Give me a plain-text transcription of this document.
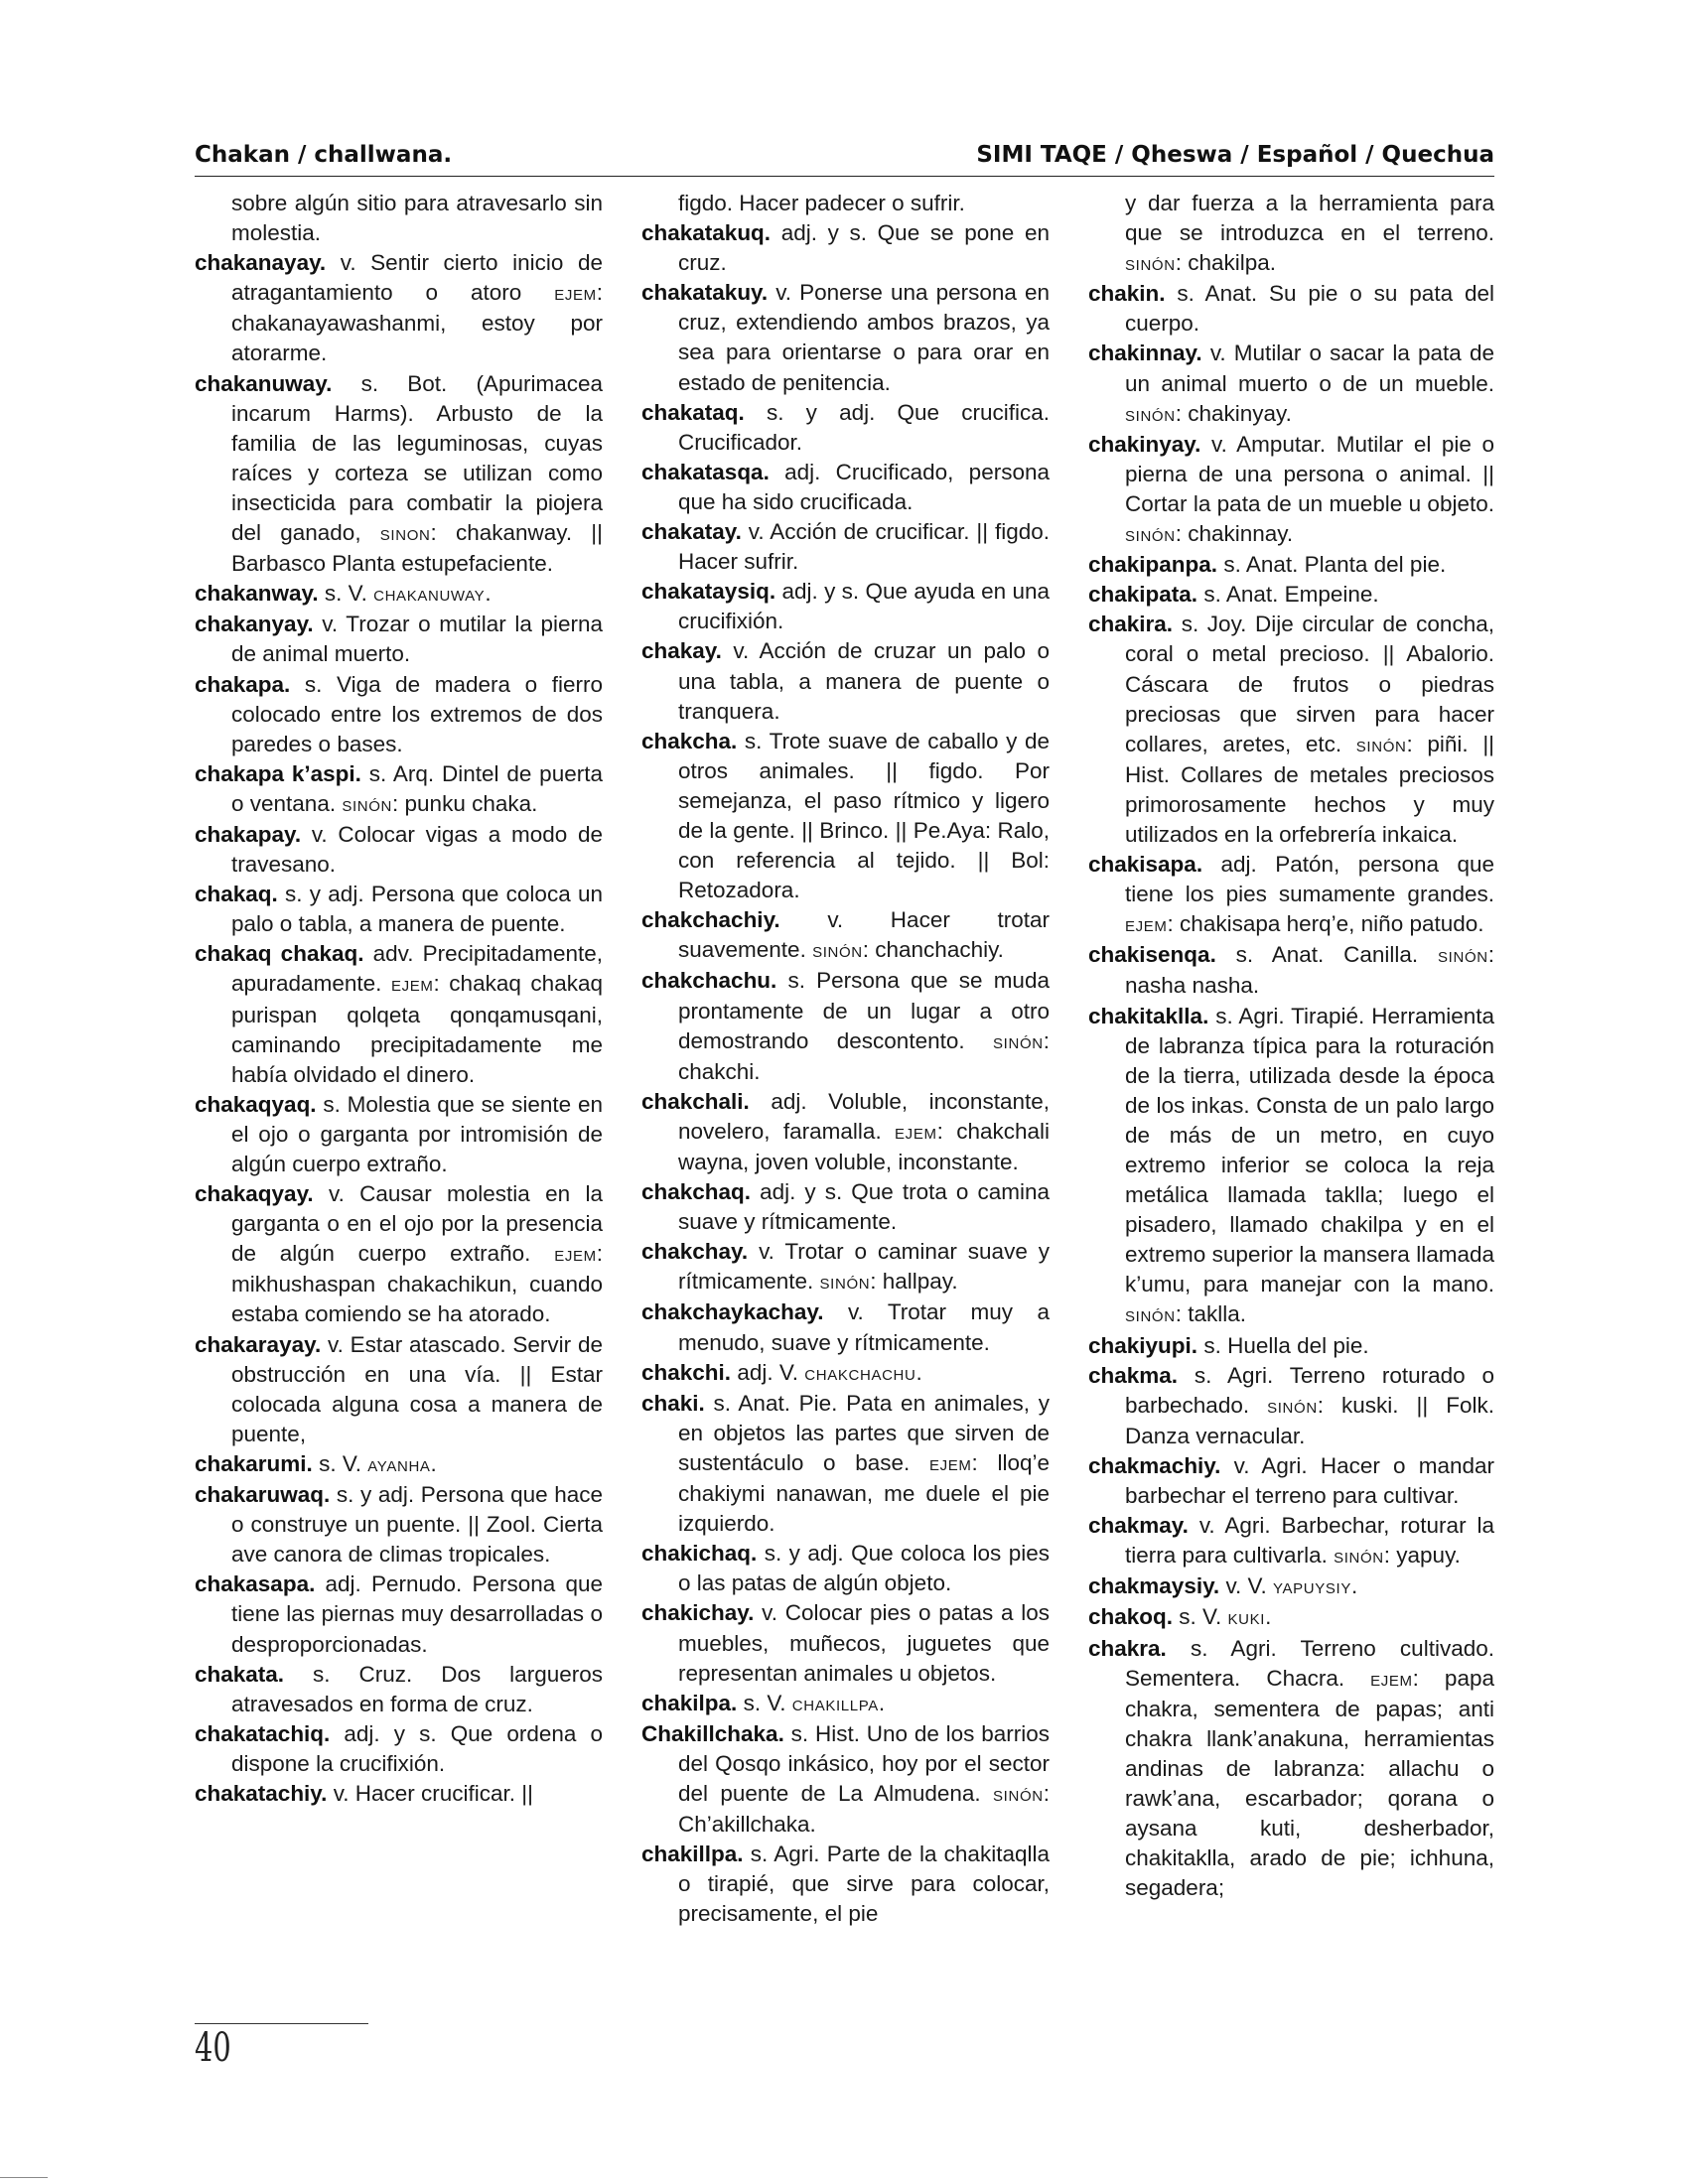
Chakan / challwana.	SIMI TAQE / Qheswa / Español / Quechua

sobre algún sitio para atravesarlo sin molestia.

chakanayay. v. Sentir cierto inicio de atragantamiento o atoro ejem: chakanayawashanmi, estoy por atorarme.

chakanuway. s. Bot. (Apurimacea incarum Harms). Arbusto de la familia de las leguminosas, cuyas raíces y corteza se utilizan como insecticida para combatir la piojera del ganado, sinon: chakanway. || Barbasco Planta estupefaciente.

chakanway. s. V. chakanuway.

chakanyay. v. Trozar o mutilar la pierna de animal muerto.

chakapa. s. Viga de madera o fierro colocado entre los extremos de dos paredes o bases.

chakapa k’aspi. s. Arq. Dintel de puerta o ventana. sinón: punku chaka.

chakapay. v. Colocar vigas a modo de travesano.

chakaq. s. y adj. Persona que coloca un palo o tabla, a manera de puente.

chakaq chakaq. adv. Precipitadamente, apuradamente. ejem: chakaq chakaq purispan qolqeta qonqamusqani, caminando precipitadamente me había olvidado el dinero.

chakaqyaq. s. Molestia que se siente en el ojo o garganta por intromisión de algún cuerpo extraño.

chakaqyay. v. Causar molestia en la garganta o en el ojo por la presencia de algún cuerpo extraño. ejem: mikhushaspan chakachikun, cuando estaba comiendo se ha atorado.

chakarayay. v. Estar atascado. Servir de obstrucción en una vía. || Estar colocada alguna cosa a manera de puente,

chakarumi. s. V. ayanha.

chakaruwaq. s. y adj. Persona que hace o construye un puente. || Zool. Cierta ave canora de climas tropicales.

chakasapa. adj. Pernudo. Persona que tiene las piernas muy desarrolladas o desproporcionadas.

chakata. s. Cruz. Dos largueros atravesados en forma de cruz.

chakatachiq. adj. y s. Que ordena o dispone la crucifixión.

chakatachiy. v. Hacer crucificar. ||

figdo. Hacer padecer o sufrir.

chakatakuq. adj. y s. Que se pone en cruz.

chakatakuy. v. Ponerse una persona en cruz, extendiendo ambos brazos, ya sea para orientarse o para orar en estado de penitencia.

chakataq. s. y adj. Que crucifica. Crucificador.

chakatasqa. adj. Crucificado, persona que ha sido crucificada.

chakatay. v. Acción de crucificar. || figdo. Hacer sufrir.

chakataysiq. adj. y s. Que ayuda en una crucifixión.

chakay. v. Acción de cruzar un palo o una tabla, a manera de puente o tranquera.

chakcha. s. Trote suave de caballo y de otros animales. || figdo. Por semejanza, el paso rítmico y ligero de la gente. || Brinco. || Pe.Aya: Ralo, con referencia al tejido. || Bol: Retozadora.

chakchachiy. v. Hacer trotar suavemente. sinón: chanchachiy.

chakchachu. s. Persona que se muda prontamente de un lugar a otro demostrando descontento. sinón: chakchi.

chakchali. adj. Voluble, inconstante, novelero, faramalla. ejem: chakchali wayna, joven voluble, inconstante.

chakchaq. adj. y s. Que trota o camina suave y rítmicamente.

chakchay. v. Trotar o caminar suave y rítmicamente. sinón: hallpay.

chakchaykachay. v. Trotar muy a menudo, suave y rítmicamente.

chakchi. adj. V. chakchachu.

chaki. s. Anat. Pie. Pata en animales, y en objetos las partes que sirven de sustentáculo o base. ejem: lloq’e chakiymi nanawan, me duele el pie izquierdo.

chakichaq. s. y adj. Que coloca los pies o las patas de algún objeto.

chakichay. v. Colocar pies o patas a los muebles, muñecos, juguetes que representan animales u objetos.

chakilpa. s. V. chakillpa.

Chakillchaka. s. Hist. Uno de los barrios del Qosqo inkásico, hoy por el sector del puente de La Almudena. sinón: Ch’akillchaka.

chakillpa. s. Agri. Parte de la chakitaqlla o tirapié, que sirve para colocar, precisamente, el pie

y dar fuerza a la herramienta para que se introduzca en el terreno. sinón: chakilpa.

chakin. s. Anat. Su pie o su pata del cuerpo.

chakinnay. v. Mutilar o sacar la pata de un animal muerto o de un mueble. sinón: chakinyay.

chakinyay. v. Amputar. Mutilar el pie o pierna de una persona o animal. || Cortar la pata de un mueble u objeto. sinón: chakinnay.

chakipanpa. s. Anat. Planta del pie.

chakipata. s. Anat. Empeine.

chakira. s. Joy. Dije circular de concha, coral o metal precioso. || Abalorio. Cáscara de frutos o piedras preciosas que sirven para hacer collares, aretes, etc. sinón: piñi. || Hist. Collares de metales preciosos primorosamente hechos y muy utilizados en la orfebrería inkaica.

chakisapa. adj. Patón, persona que tiene los pies sumamente grandes. ejem: chakisapa herq’e, niño patudo.

chakisenqa. s. Anat. Canilla. sinón: nasha nasha.

chakitaklla. s. Agri. Tirapié. Herramienta de labranza típica para la roturación de la tierra, utilizada desde la época de los inkas. Consta de un palo largo de más de un metro, en cuyo extremo inferior se coloca la reja metálica llamada taklla; luego el pisadero, llamado chakilpa y en el extremo superior la mansera llamada k’umu, para manejar con la mano. sinón: taklla.

chakiyupi. s. Huella del pie.

chakma. s. Agri. Terreno roturado o barbechado. sinón: kuski. || Folk. Danza vernacular.

chakmachiy. v. Agri. Hacer o mandar barbechar el terreno para cultivar.

chakmay. v. Agri. Barbechar, roturar la tierra para cultivarla. sinón: yapuy.

chakmaysiy. v. V. yapuysiy.

chakoq. s. V. kuki.

chakra. s. Agri. Terreno cultivado. Sementera. Chacra. ejem: papa chakra, sementera de papas; anti chakra llank’anakuna, herramientas andinas de labranza: allachu o rawk’ana, escarbador; qorana o aysana kuti, desherbador, chakitaklla, arado de pie; ichhuna, segadera;

40
